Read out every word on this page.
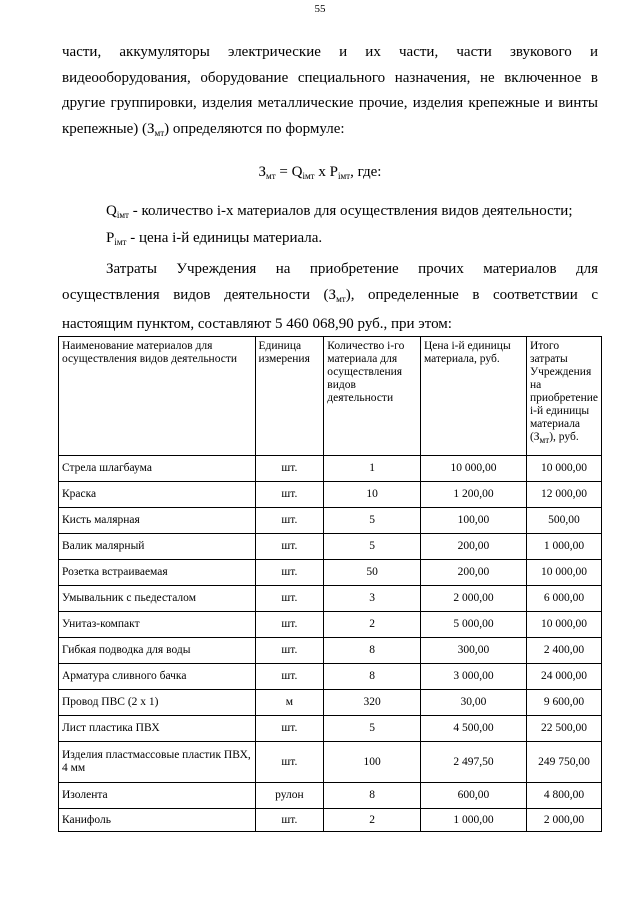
55

части, аккумуляторы электрические и их части, части звукового и видеооборудования, оборудование специального назначения, не включенное в другие группировки, изделия металлические прочие, изделия крепежные и винты крепежные) $(З_{мт})$ определяются по формуле:

$З_{мт} = Q_{iмт}$ x $P_{iмт}$, где:
$Q_{iмт}$ - количество i-х материалов для осуществления видов деятельности;
$P_{iмт}$ - цена i-й единицы материала.

Затраты Учреждения на приобретение прочих материалов для осуществления видов деятельности $(З_{мт})$, определенные в соответствии с настоящим пунктом, составляют 5 460 068,90 руб., при этом:

Наименование материалов для осуществления видов деятельности	Единица измерения	Количество i-го материала для осуществления видов деятельности	Цена i-й единицы материала, руб.	Итого затраты Учреждения на приобретение i-й единицы материала $(З_{мт})$, руб.
Стрела шлагбаума	шт.	1	10 000,00	10 000,00
Краска	шт.	10	1 200,00	12 000,00
Кисть малярная	шт.	5	100,00	500,00
Валик малярный	шт.	5	200,00	1 000,00
Розетка встраиваемая	шт.	50	200,00	10 000,00
Умывальник с пьедесталом	шт.	3	2 000,00	6 000,00
Унитаз-компакт	шт.	2	5 000,00	10 000,00
Гибкая подводка для воды	шт.	8	300,00	2 400,00
Арматура сливного бачка	шт.	8	3 000,00	24 000,00
Провод ПВС (2 х 1)	м	320	30,00	9 600,00
Лист пластика ПВХ	шт.	5	4 500,00	22 500,00
Изделия пластмассовые пластик ПВХ, 4 мм	шт.	100	2 497,50	249 750,00
Изолента	рулон	8	600,00	4 800,00
Канифоль	шт.	2	1 000,00	2 000,00
